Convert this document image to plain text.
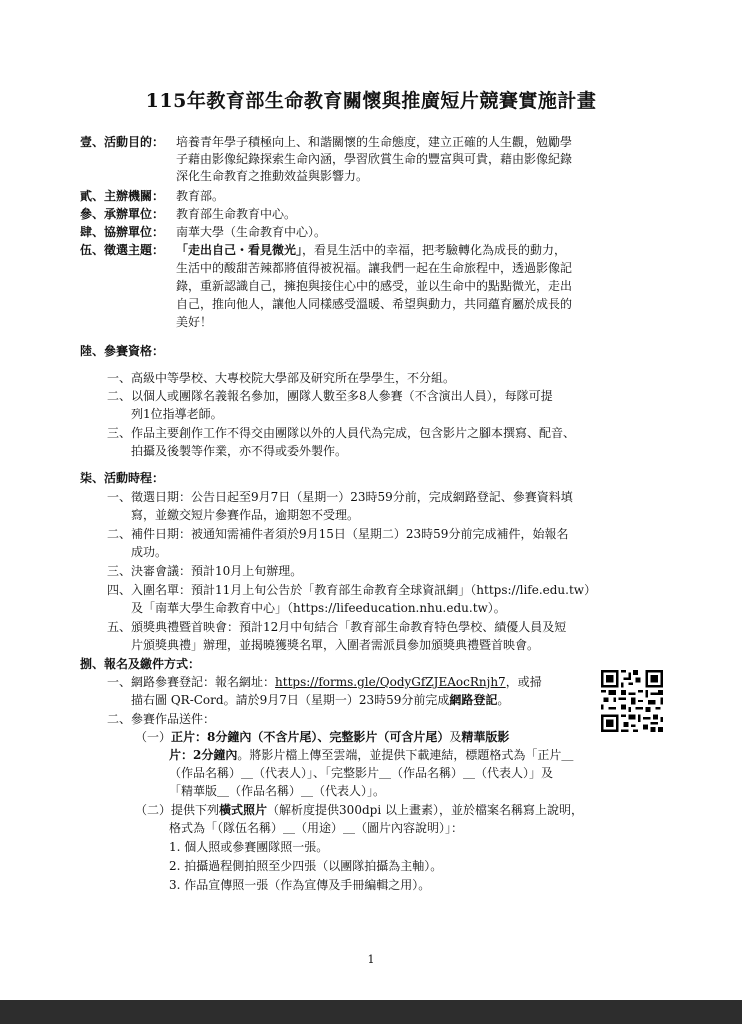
115年教育部生命教育關懷與推廣短片競賽實施計畫
壹、活動目的： 培養青年學子積極向上、和諧關懷的生命態度，建立正確的人生觀，勉勵學
子藉由影像紀錄探索生命內涵，學習欣賞生命的豐富與可貴，藉由影像紀錄
深化生命教育之推動效益與影響力。
貳、主辦機關： 教育部。
參、承辦單位： 教育部生命教育中心。
肆、協辦單位： 南華大學（生命教育中心）。
伍、徵選主題： 「走出自己・看見微光」，看見生活中的幸福，把考驗轉化為成長的動力，
生活中的酸甜苦辣都將值得被祝福。讓我們一起在生命旅程中，透過影像記
錄，重新認識自己，擁抱與接住心中的感受，並以生命中的點點微光，走出
自己，推向他人，讓他人同樣感受溫暖、希望與動力，共同蘊育屬於成長的
美好！
陸、參賽資格：
一、高級中等學校、大專校院大學部及研究所在學學生，不分組。
二、以個人或團隊名義報名參加，團隊人數至多8人參賽（不含演出人員），每隊可提
列1位指導老師。
三、作品主要創作工作不得交由團隊以外的人員代為完成，包含影片之腳本撰寫、配音、
拍攝及後製等作業，亦不得或委外製作。
柒、活動時程：
一、徵選日期：公告日起至9月7日（星期一）23時59分前，完成網路登記、參賽資料填
寫，並繳交短片參賽作品，逾期恕不受理。
二、補件日期：被通知需補件者須於9月15日（星期二）23時59分前完成補件，始報名
成功。
三、決審會議：預計10月上旬辦理。
四、入圍名單：預計11月上旬公告於「教育部生命教育全球資訊網」（https://life.edu.tw）
及「南華大學生命教育中心」（https://lifeeducation.nhu.edu.tw）。
五、頒獎典禮暨首映會：預計12月中旬結合「教育部生命教育特色學校、績優人員及短
片頒獎典禮」辦理，並揭曉獲獎名單，入圍者需派員參加頒獎典禮暨首映會。
捌、報名及繳件方式：
一、網路參賽登記：報名網址：https://forms.gle/QodyGfZJEAocRnjh7，或掃
描右圖 QR-Cord。請於9月7日（星期一）23時59分前完成網路登記。
二、參賽作品送件：
（一）正片：8分鐘內（不含片尾）、完整影片（可含片尾）及精華版影
片：2分鐘內。將影片檔上傳至雲端，並提供下載連結，標題格式為「正片＿
（作品名稱）＿（代表人）」、「完整影片＿（作品名稱）＿（代表人）」及
「精華版＿（作品名稱）＿（代表人）」。
（二）提供下列橫式照片（解析度提供300dpi 以上畫素），並於檔案名稱寫上說明，
格式為「（隊伍名稱）＿（用途）＿（圖片內容說明）」：
1. 個人照或參賽團隊照一張。
2. 拍攝過程側拍照至少四張（以團隊拍攝為主軸）。
3. 作品宣傳照一張（作為宣傳及手冊編輯之用）。
1
